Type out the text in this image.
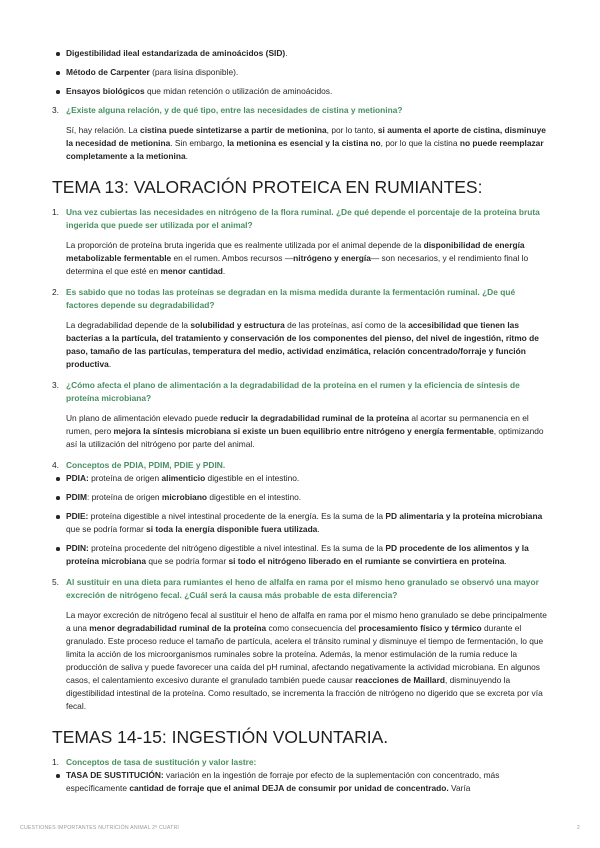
Digestibilidad ileal estandarizada de aminoácidos (SID).
Método de Carpenter (para lisina disponible).
Ensayos biológicos que midan retención o utilización de aminoácidos.
3. ¿Existe alguna relación, y de qué tipo, entre las necesidades de cistina y metionina?
Sí, hay relación. La cistina puede sintetizarse a partir de metionina, por lo tanto, si aumenta el aporte de cistina, disminuye la necesidad de metionina. Sin embargo, la metionina es esencial y la cistina no, por lo que la cistina no puede reemplazar completamente a la metionina.
TEMA 13: VALORACIÓN PROTEICA EN RUMIANTES:
1. Una vez cubiertas las necesidades en nitrógeno de la flora ruminal. ¿De qué depende el porcentaje de la proteína bruta ingerida que puede ser utilizada por el animal?
La proporción de proteína bruta ingerida que es realmente utilizada por el animal depende de la disponibilidad de energía metabolizable fermentable en el rumen. Ambos recursos —nitrógeno y energía— son necesarios, y el rendimiento final lo determina el que esté en menor cantidad.
2. Es sabido que no todas las proteínas se degradan en la misma medida durante la fermentación ruminal. ¿De qué factores depende su degradabilidad?
La degradabilidad depende de la solubilidad y estructura de las proteínas, así como de la accesibilidad que tienen las bacterias a la partícula, del tratamiento y conservación de los componentes del pienso, del nivel de ingestión, ritmo de paso, tamaño de las partículas, temperatura del medio, actividad enzimática, relación concentrado/forraje y función productiva.
3. ¿Cómo afecta el plano de alimentación a la degradabilidad de la proteína en el rumen y la eficiencia de síntesis de proteína microbiana?
Un plano de alimentación elevado puede reducir la degradabilidad ruminal de la proteína al acortar su permanencia en el rumen, pero mejora la síntesis microbiana si existe un buen equilibrio entre nitrógeno y energía fermentable, optimizando así la utilización del nitrógeno por parte del animal.
4. Conceptos de PDIA, PDIM, PDIE y PDIN.
PDIA: proteína de origen alimenticio digestible en el intestino.
PDIM: proteína de origen microbiano digestible en el intestino.
PDIE: proteína digestible a nivel intestinal procedente de la energía. Es la suma de la PD alimentaria y la proteína microbiana que se podría formar si toda la energía disponible fuera utilizada.
PDIN: proteína procedente del nitrógeno digestible a nivel intestinal. Es la suma de la PD procedente de los alimentos y la proteína microbiana que se podría formar si todo el nitrógeno liberado en el rumiante se convirtiera en proteína.
5. Al sustituir en una dieta para rumiantes el heno de alfalfa en rama por el mismo heno granulado se observó una mayor excreción de nitrógeno fecal. ¿Cuál será la causa más probable de esta diferencia?
La mayor excreción de nitrógeno fecal al sustituir el heno de alfalfa en rama por el mismo heno granulado se debe principalmente a una menor degradabilidad ruminal de la proteína como consecuencia del procesamiento físico y térmico durante el granulado. Este proceso reduce el tamaño de partícula, acelera el tránsito ruminal y disminuye el tiempo de fermentación, lo que limita la acción de los microorganismos ruminales sobre la proteína. Además, la menor estimulación de la rumia reduce la producción de saliva y puede favorecer una caída del pH ruminal, afectando negativamente la actividad microbiana. En algunos casos, el calentamiento excesivo durante el granulado también puede causar reacciones de Maillard, disminuyendo la digestibilidad intestinal de la proteína. Como resultado, se incrementa la fracción de nitrógeno no digerido que se excreta por vía fecal.
TEMAS 14-15: INGESTIÓN VOLUNTARIA.
1. Conceptos de tasa de sustitución y valor lastre:
TASA DE SUSTITUCIÓN: variación en la ingestión de forraje por efecto de la suplementación con concentrado, más específicamente cantidad de forraje que el animal DEJA de consumir por unidad de concentrado. Varía
CUESTIONES IMPORTANTES NUTRICIÓN ANIMAL 2º CUATRI	2
